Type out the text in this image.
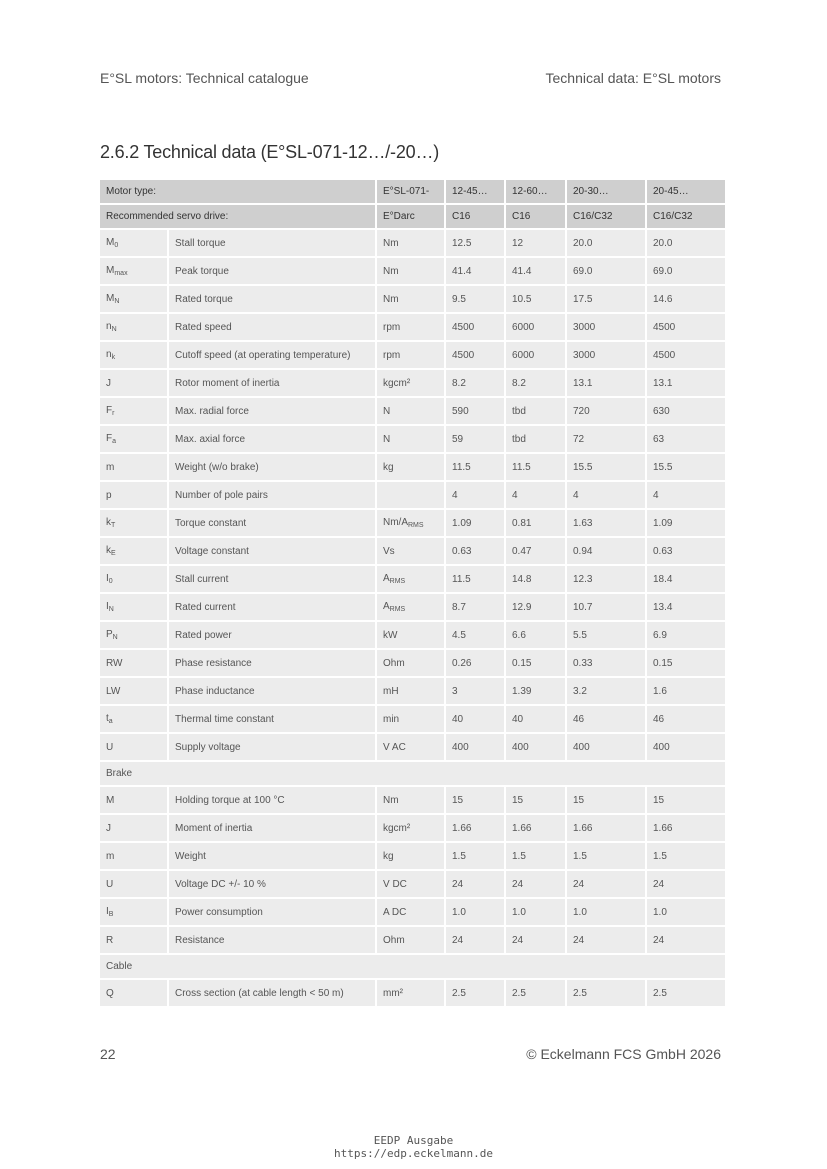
E°SL motors: Technical catalogue	Technical data: E°SL motors
2.6.2 Technical data (E°SL-071-12…/-20…)
Motor type:		E°SL-071-	12-45…	12-60…	20-30…	20-45…
Recommended servo drive:		E°Darc	C16	C16	C16/C32	C16/C32
$M_0$	Stall torque	Nm	12.5	12	20.0	20.0
$M_{max}$	Peak torque	Nm	41.4	41.4	69.0	69.0
$M_N$	Rated torque	Nm	9.5	10.5	17.5	14.6
$n_N$	Rated speed	rpm	4500	6000	3000	4500
$n_k$	Cutoff speed (at operating temperature)	rpm	4500	6000	3000	4500
J	Rotor moment of inertia	kgcm²	8.2	8.2	13.1	13.1
$F_r$	Max. radial force	N	590	tbd	720	630
$F_a$	Max. axial force	N	59	tbd	72	63
m	Weight (w/o brake)	kg	11.5	11.5	15.5	15.5
p	Number of pole pairs		4	4	4	4
$k_T$	Torque constant	$Nm/A_{RMS}$	1.09	0.81	1.63	1.09
$k_E$	Voltage constant	Vs	0.63	0.47	0.94	0.63
$I_0$	Stall current	$A_{RMS}$	11.5	14.8	12.3	18.4
$I_N$	Rated current	$A_{RMS}$	8.7	12.9	10.7	13.4
$P_N$	Rated power	kW	4.5	6.6	5.5	6.9
RW	Phase resistance	Ohm	0.26	0.15	0.33	0.15
LW	Phase inductance	mH	3	1.39	3.2	1.6
$t_a$	Thermal time constant	min	40	40	46	46
U	Supply voltage	V AC	400	400	400	400
Brake						
M	Holding torque at 100 °C	Nm	15	15	15	15
J	Moment of inertia	kgcm²	1.66	1.66	1.66	1.66
m	Weight	kg	1.5	1.5	1.5	1.5
U	Voltage DC +/- 10 %	V DC	24	24	24	24
$I_B$	Power consumption	A DC	1.0	1.0	1.0	1.0
R	Resistance	Ohm	24	24	24	24
Cable						
Q	Cross section (at cable length < 50 m)	mm²	2.5	2.5	2.5	2.5
22	© Eckelmann FCS GmbH 2026
EEDP Ausgabe
https://edp.eckelmann.de
